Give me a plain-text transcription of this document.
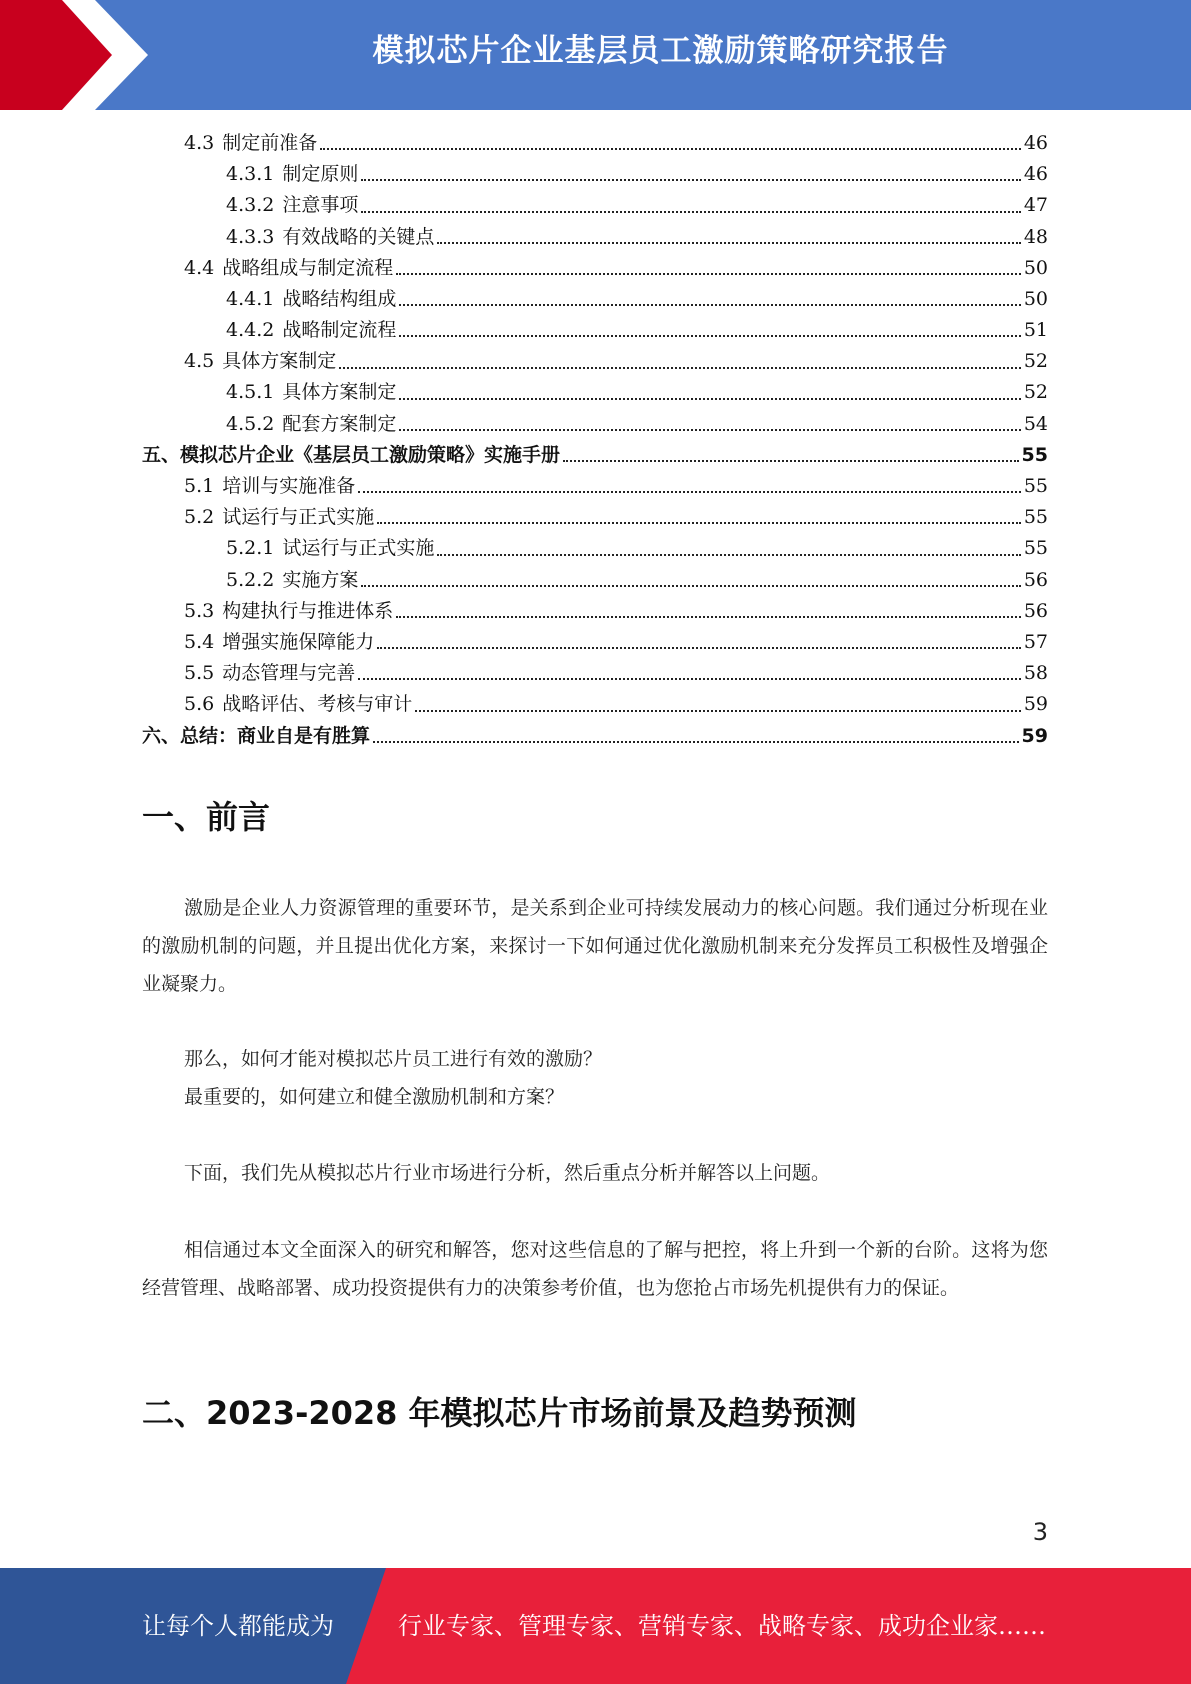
模拟芯片企业基层员工激励策略研究报告
4.3 制定前准备	46
4.3.1 制定原则	46
4.3.2 注意事项	47
4.3.3 有效战略的关键点	48
4.4 战略组成与制定流程	50
4.4.1 战略结构组成	50
4.4.2 战略制定流程	51
4.5 具体方案制定	52
4.5.1 具体方案制定	52
4.5.2 配套方案制定	54
五、模拟芯片企业《基层员工激励策略》实施手册	55
5.1 培训与实施准备	55
5.2 试运行与正式实施	55
5.2.1 试运行与正式实施	55
5.2.2 实施方案	56
5.3 构建执行与推进体系	56
5.4 增强实施保障能力	57
5.5 动态管理与完善	58
5.6 战略评估、考核与审计	59
六、总结：商业自是有胜算	59
一、前言
激励是企业人力资源管理的重要环节，是关系到企业可持续发展动力的核心问题。我们通过分析现在业的激励机制的问题，并且提出优化方案，来探讨一下如何通过优化激励机制来充分发挥员工积极性及增强企业凝聚力。
那么，如何才能对模拟芯片员工进行有效的激励？
最重要的，如何建立和健全激励机制和方案？
下面，我们先从模拟芯片行业市场进行分析，然后重点分析并解答以上问题。
相信通过本文全面深入的研究和解答，您对这些信息的了解与把控，将上升到一个新的台阶。这将为您经营管理、战略部署、成功投资提供有力的决策参考价值，也为您抢占市场先机提供有力的保证。
二、2023-2028 年模拟芯片市场前景及趋势预测
3
让每个人都能成为	行业专家、管理专家、营销专家、战略专家、成功企业家……
